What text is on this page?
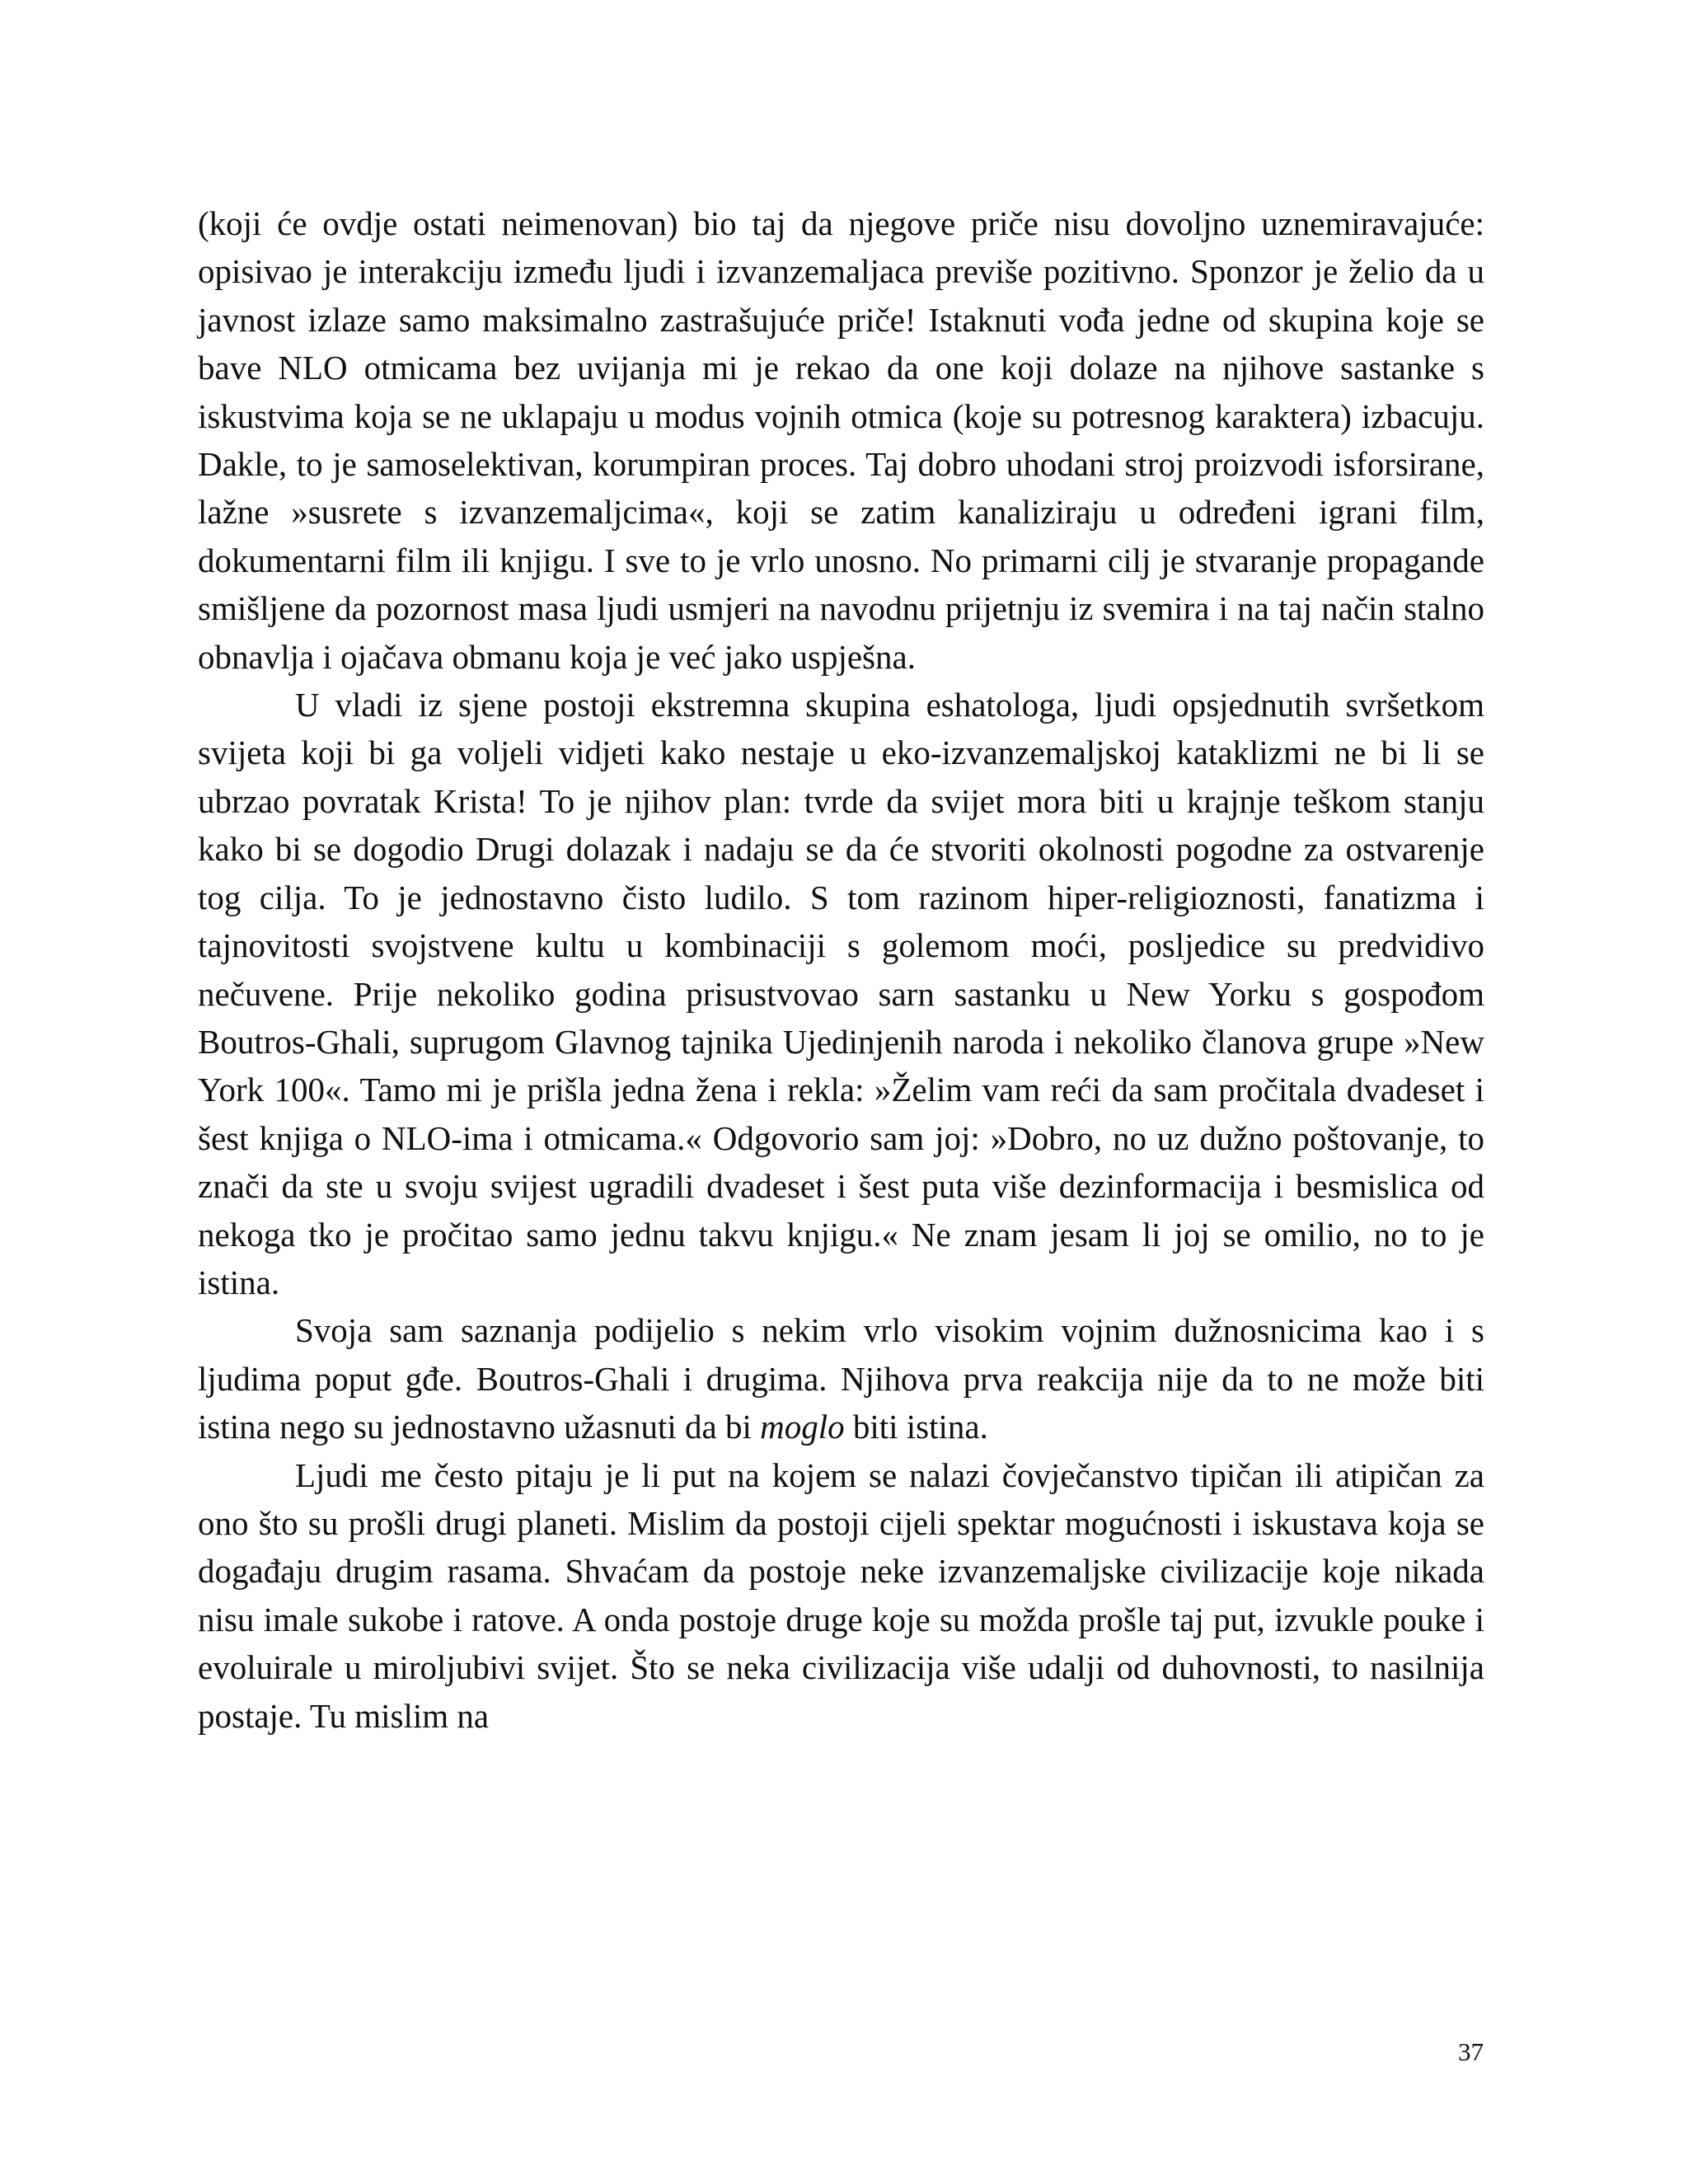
(koji će ovdje ostati neimenovan) bio taj da njegove priče nisu dovoljno uznemiravajuće: opisivao je interakciju između ljudi i izvanzemaljaca previše pozitivno. Sponzor je želio da u javnost izlaze samo maksimalno zastrašujuće priče! Istaknuti vođa jedne od skupina koje se bave NLO otmicama bez uvijanja mi je rekao da one koji dolaze na njihove sastanke s iskustvima koja se ne uklapaju u modus vojnih otmica (koje su potresnog karaktera) izbacuju. Dakle, to je samoselektivan, korumpiran proces. Taj dobro uhodani stroj proizvodi isforsirane, lažne »susrete s izvanzemaljcima«, koji se zatim kanaliziraju u određeni igrani film, dokumentarni film ili knjigu. I sve to je vrlo unosno. No primarni cilj je stvaranje propagande smišljene da pozornost masa ljudi usmjeri na navodnu prijetnju iz svemira i na taj način stalno obnavlja i ojačava obmanu koja je već jako uspješna.

U vladi iz sjene postoji ekstremna skupina eshatologa, ljudi opsjednutih svršetkom svijeta koji bi ga voljeli vidjeti kako nestaje u eko-izvanzemaljskoj kataklizmi ne bi li se ubrzao povratak Krista! To je njihov plan: tvrde da svijet mora biti u krajnje teškom stanju kako bi se dogodio Drugi dolazak i nadaju se da će stvoriti okolnosti pogodne za ostvarenje tog cilja. To je jednostavno čisto ludilo. S tom razinom hiper-religioznosti, fanatizma i tajnovitosti svojstvene kultu u kombinaciji s golemom moći, posljedice su predvidivo nečuvene. Prije nekoliko godina prisustvovao sarn sastanku u New Yorku s gospođom Boutros-Ghali, suprugom Glavnog tajnika Ujedinjenih naroda i nekoliko članova grupe »New York 100«. Tamo mi je prišla jedna žena i rekla: »Želim vam reći da sam pročitala dvadeset i šest knjiga o NLO-ima i otmicama.« Odgovorio sam joj: »Dobro, no uz dužno poštovanje, to znači da ste u svoju svijest ugradili dvadeset i šest puta više dezinformacija i besmislica od nekoga tko je pročitao samo jednu takvu knjigu.« Ne znam jesam li joj se omilio, no to je istina.

Svoja sam saznanja podijelio s nekim vrlo visokim vojnim dužnosnicima kao i s ljudima poput gđe. Boutros-Ghali i drugima. Njihova prva reakcija nije da to ne može biti istina nego su jednostavno užasnuti da bi moglo biti istina.

Ljudi me često pitaju je li put na kojem se nalazi čovječanstvo tipičan ili atipičan za ono što su prošli drugi planeti. Mislim da postoji cijeli spektar mogućnosti i iskustava koja se događaju drugim rasama. Shvaćam da postoje neke izvanzemaljske civilizacije koje nikada nisu imale sukobe i ratove. A onda postoje druge koje su možda prošle taj put, izvukle pouke i evoluirale u miroljubivi svijet. Što se neka civilizacija više udalji od duhovnosti, to nasilnija postaje. Tu mislim na

37
